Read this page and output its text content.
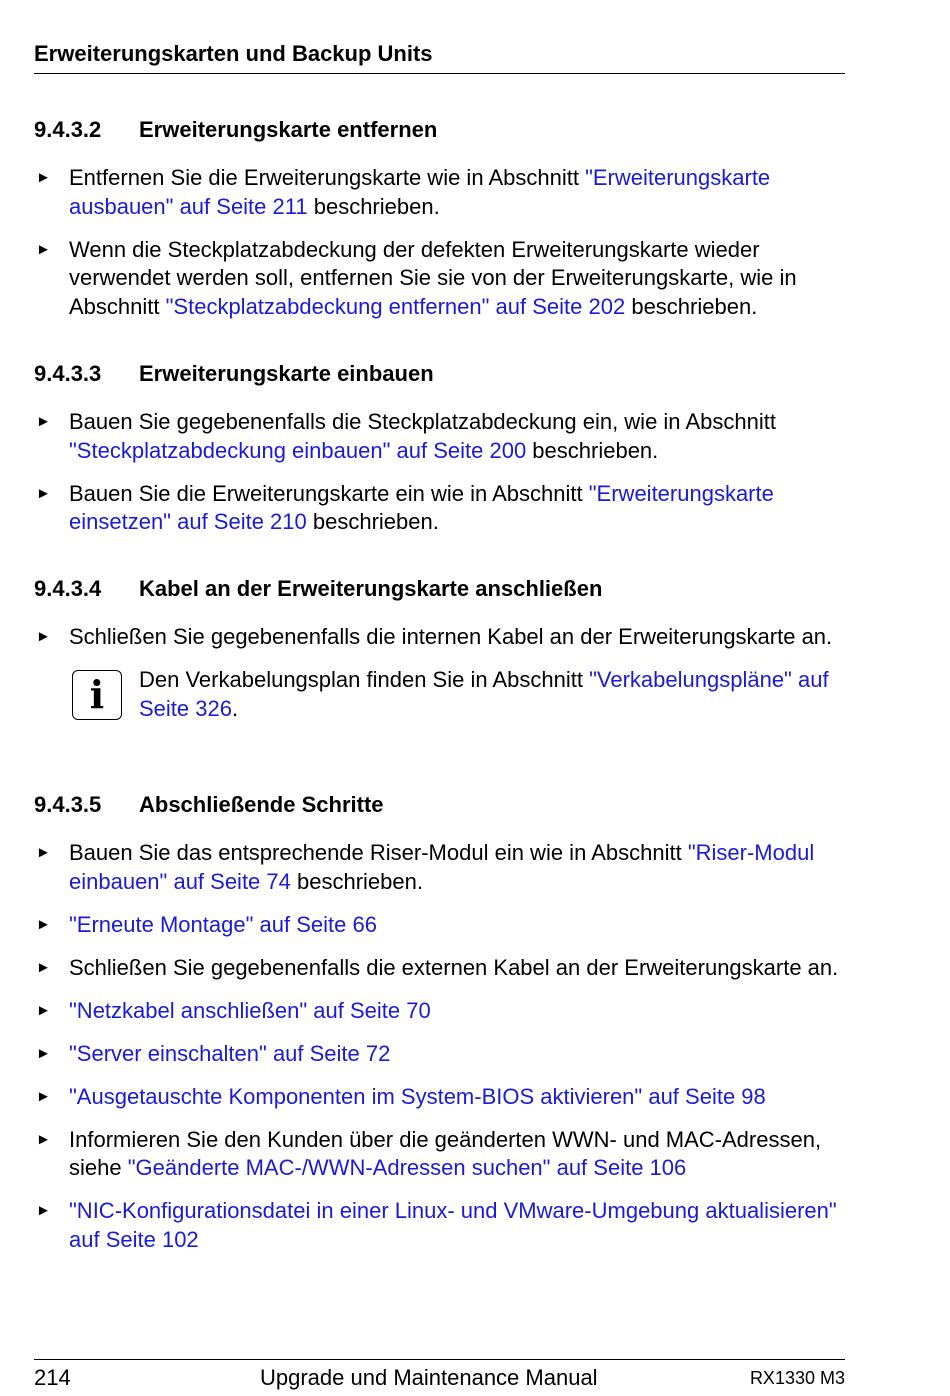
Erweiterungskarten und Backup Units
9.4.3.2 Erweiterungskarte entfernen
► Entfernen Sie die Erweiterungskarte wie in Abschnitt "Erweiterungskarte ausbauen" auf Seite 211 beschrieben.
► Wenn die Steckplatzabdeckung der defekten Erweiterungskarte wieder verwendet werden soll, entfernen Sie sie von der Erweiterungskarte, wie in Abschnitt "Steckplatzabdeckung entfernen" auf Seite 202 beschrieben.
9.4.3.3 Erweiterungskarte einbauen
► Bauen Sie gegebenenfalls die Steckplatzabdeckung ein, wie in Abschnitt "Steckplatzabdeckung einbauen" auf Seite 200 beschrieben.
► Bauen Sie die Erweiterungskarte ein wie in Abschnitt "Erweiterungskarte einsetzen" auf Seite 210 beschrieben.
9.4.3.4 Kabel an der Erweiterungskarte anschließen
► Schließen Sie gegebenenfalls die internen Kabel an der Erweiterungskarte an.
i	Den Verkabelungsplan finden Sie in Abschnitt "Verkabelungspläne" auf Seite 326.
9.4.3.5 Abschließende Schritte
► Bauen Sie das entsprechende Riser-Modul ein wie in Abschnitt "Riser-Modul einbauen" auf Seite 74 beschrieben.
► "Erneute Montage" auf Seite 66
► Schließen Sie gegebenenfalls die externen Kabel an der Erweiterungskarte an.
► "Netzkabel anschließen" auf Seite 70
► "Server einschalten" auf Seite 72
► "Ausgetauschte Komponenten im System-BIOS aktivieren" auf Seite 98
► Informieren Sie den Kunden über die geänderten WWN- und MAC-Adressen, siehe "Geänderte MAC-/WWN-Adressen suchen" auf Seite 106
► "NIC-Konfigurationsdatei in einer Linux- und VMware-Umgebung aktualisieren" auf Seite 102
214	Upgrade und Maintenance Manual	RX1330 M3
